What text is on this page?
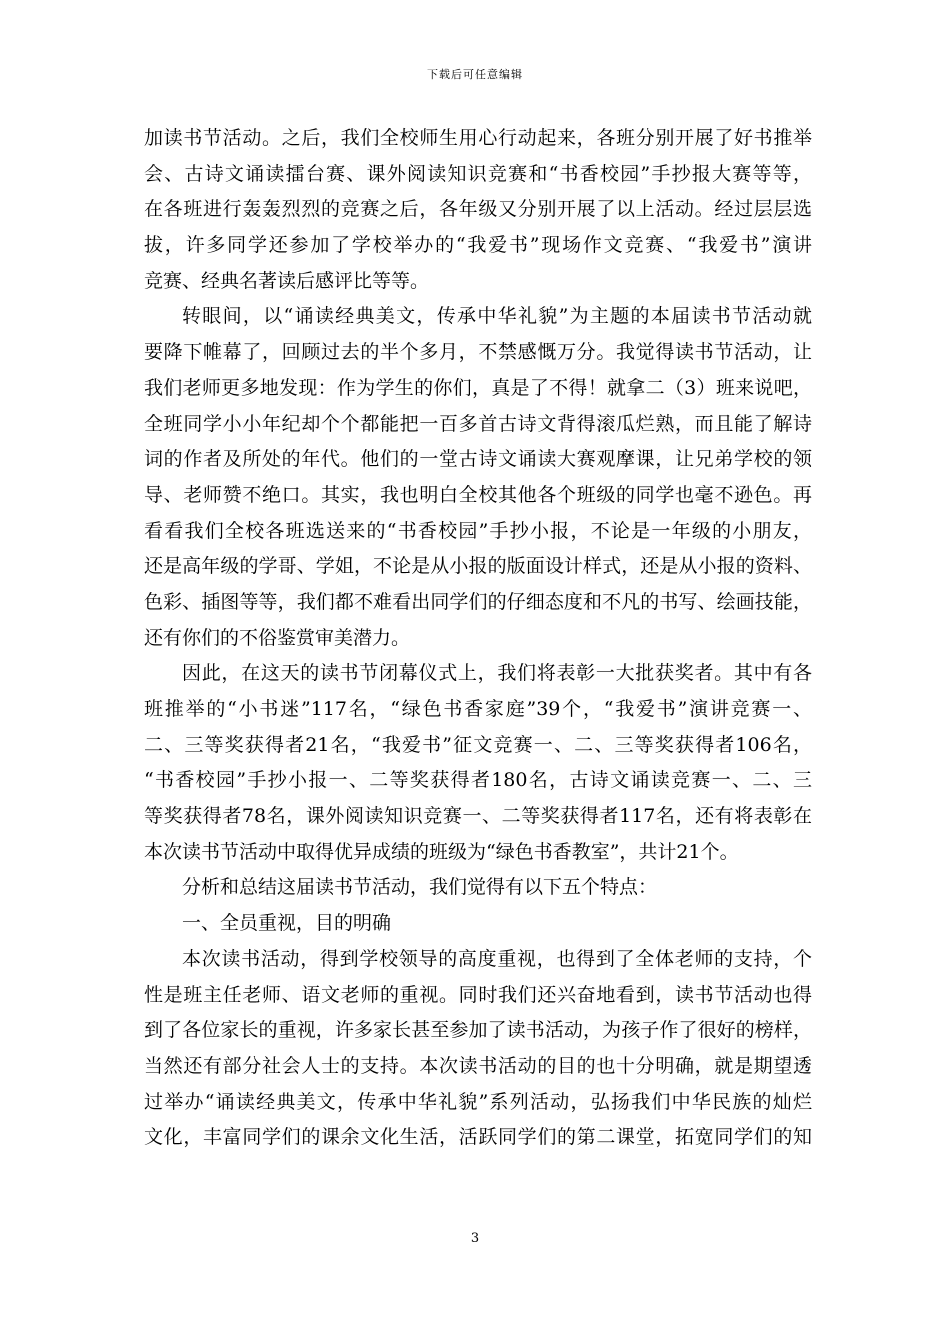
下载后可任意编辑
加读书节活动。之后，我们全校师生用心行动起来，各班分别开展了好书推举
会、古诗文诵读擂台赛、课外阅读知识竞赛和“书香校园”手抄报大赛等等，
在各班进行轰轰烈烈的竞赛之后，各年级又分别开展了以上活动。经过层层选
拔，许多同学还参加了学校举办的“我爱书”现场作文竞赛、“我爱书”演讲
竞赛、经典名著读后感评比等等。
转眼间，以“诵读经典美文，传承中华礼貌”为主题的本届读书节活动就
要降下帷幕了，回顾过去的半个多月，不禁感慨万分。我觉得读书节活动，让
我们老师更多地发现：作为学生的你们，真是了不得！就拿二（3）班来说吧，
全班同学小小年纪却个个都能把一百多首古诗文背得滚瓜烂熟，而且能了解诗
词的作者及所处的年代。他们的一堂古诗文诵读大赛观摩课，让兄弟学校的领
导、老师赞不绝口。其实，我也明白全校其他各个班级的同学也毫不逊色。再
看看我们全校各班选送来的“书香校园”手抄小报，不论是一年级的小朋友，
还是高年级的学哥、学姐，不论是从小报的版面设计样式，还是从小报的资料、
色彩、插图等等，我们都不难看出同学们的仔细态度和不凡的书写、绘画技能，
还有你们的不俗鉴赏审美潜力。
因此，在这天的读书节闭幕仪式上，我们将表彰一大批获奖者。其中有各
班推举的“小书迷”117名，“绿色书香家庭”39个，“我爱书”演讲竞赛一、
二、三等奖获得者21名，“我爱书”征文竞赛一、二、三等奖获得者106名，
“书香校园”手抄小报一、二等奖获得者180名，古诗文诵读竞赛一、二、三
等奖获得者78名，课外阅读知识竞赛一、二等奖获得者117名，还有将表彰在
本次读书节活动中取得优异成绩的班级为“绿色书香教室”，共计21个。
分析和总结这届读书节活动，我们觉得有以下五个特点：
一、全员重视，目的明确
本次读书活动，得到学校领导的高度重视，也得到了全体老师的支持，个
性是班主任老师、语文老师的重视。同时我们还兴奋地看到，读书节活动也得
到了各位家长的重视，许多家长甚至参加了读书活动，为孩子作了很好的榜样，
当然还有部分社会人士的支持。本次读书活动的目的也十分明确，就是期望透
过举办“诵读经典美文，传承中华礼貌”系列活动，弘扬我们中华民族的灿烂
文化，丰富同学们的课余文化生活，活跃同学们的第二课堂，拓宽同学们的知
3
